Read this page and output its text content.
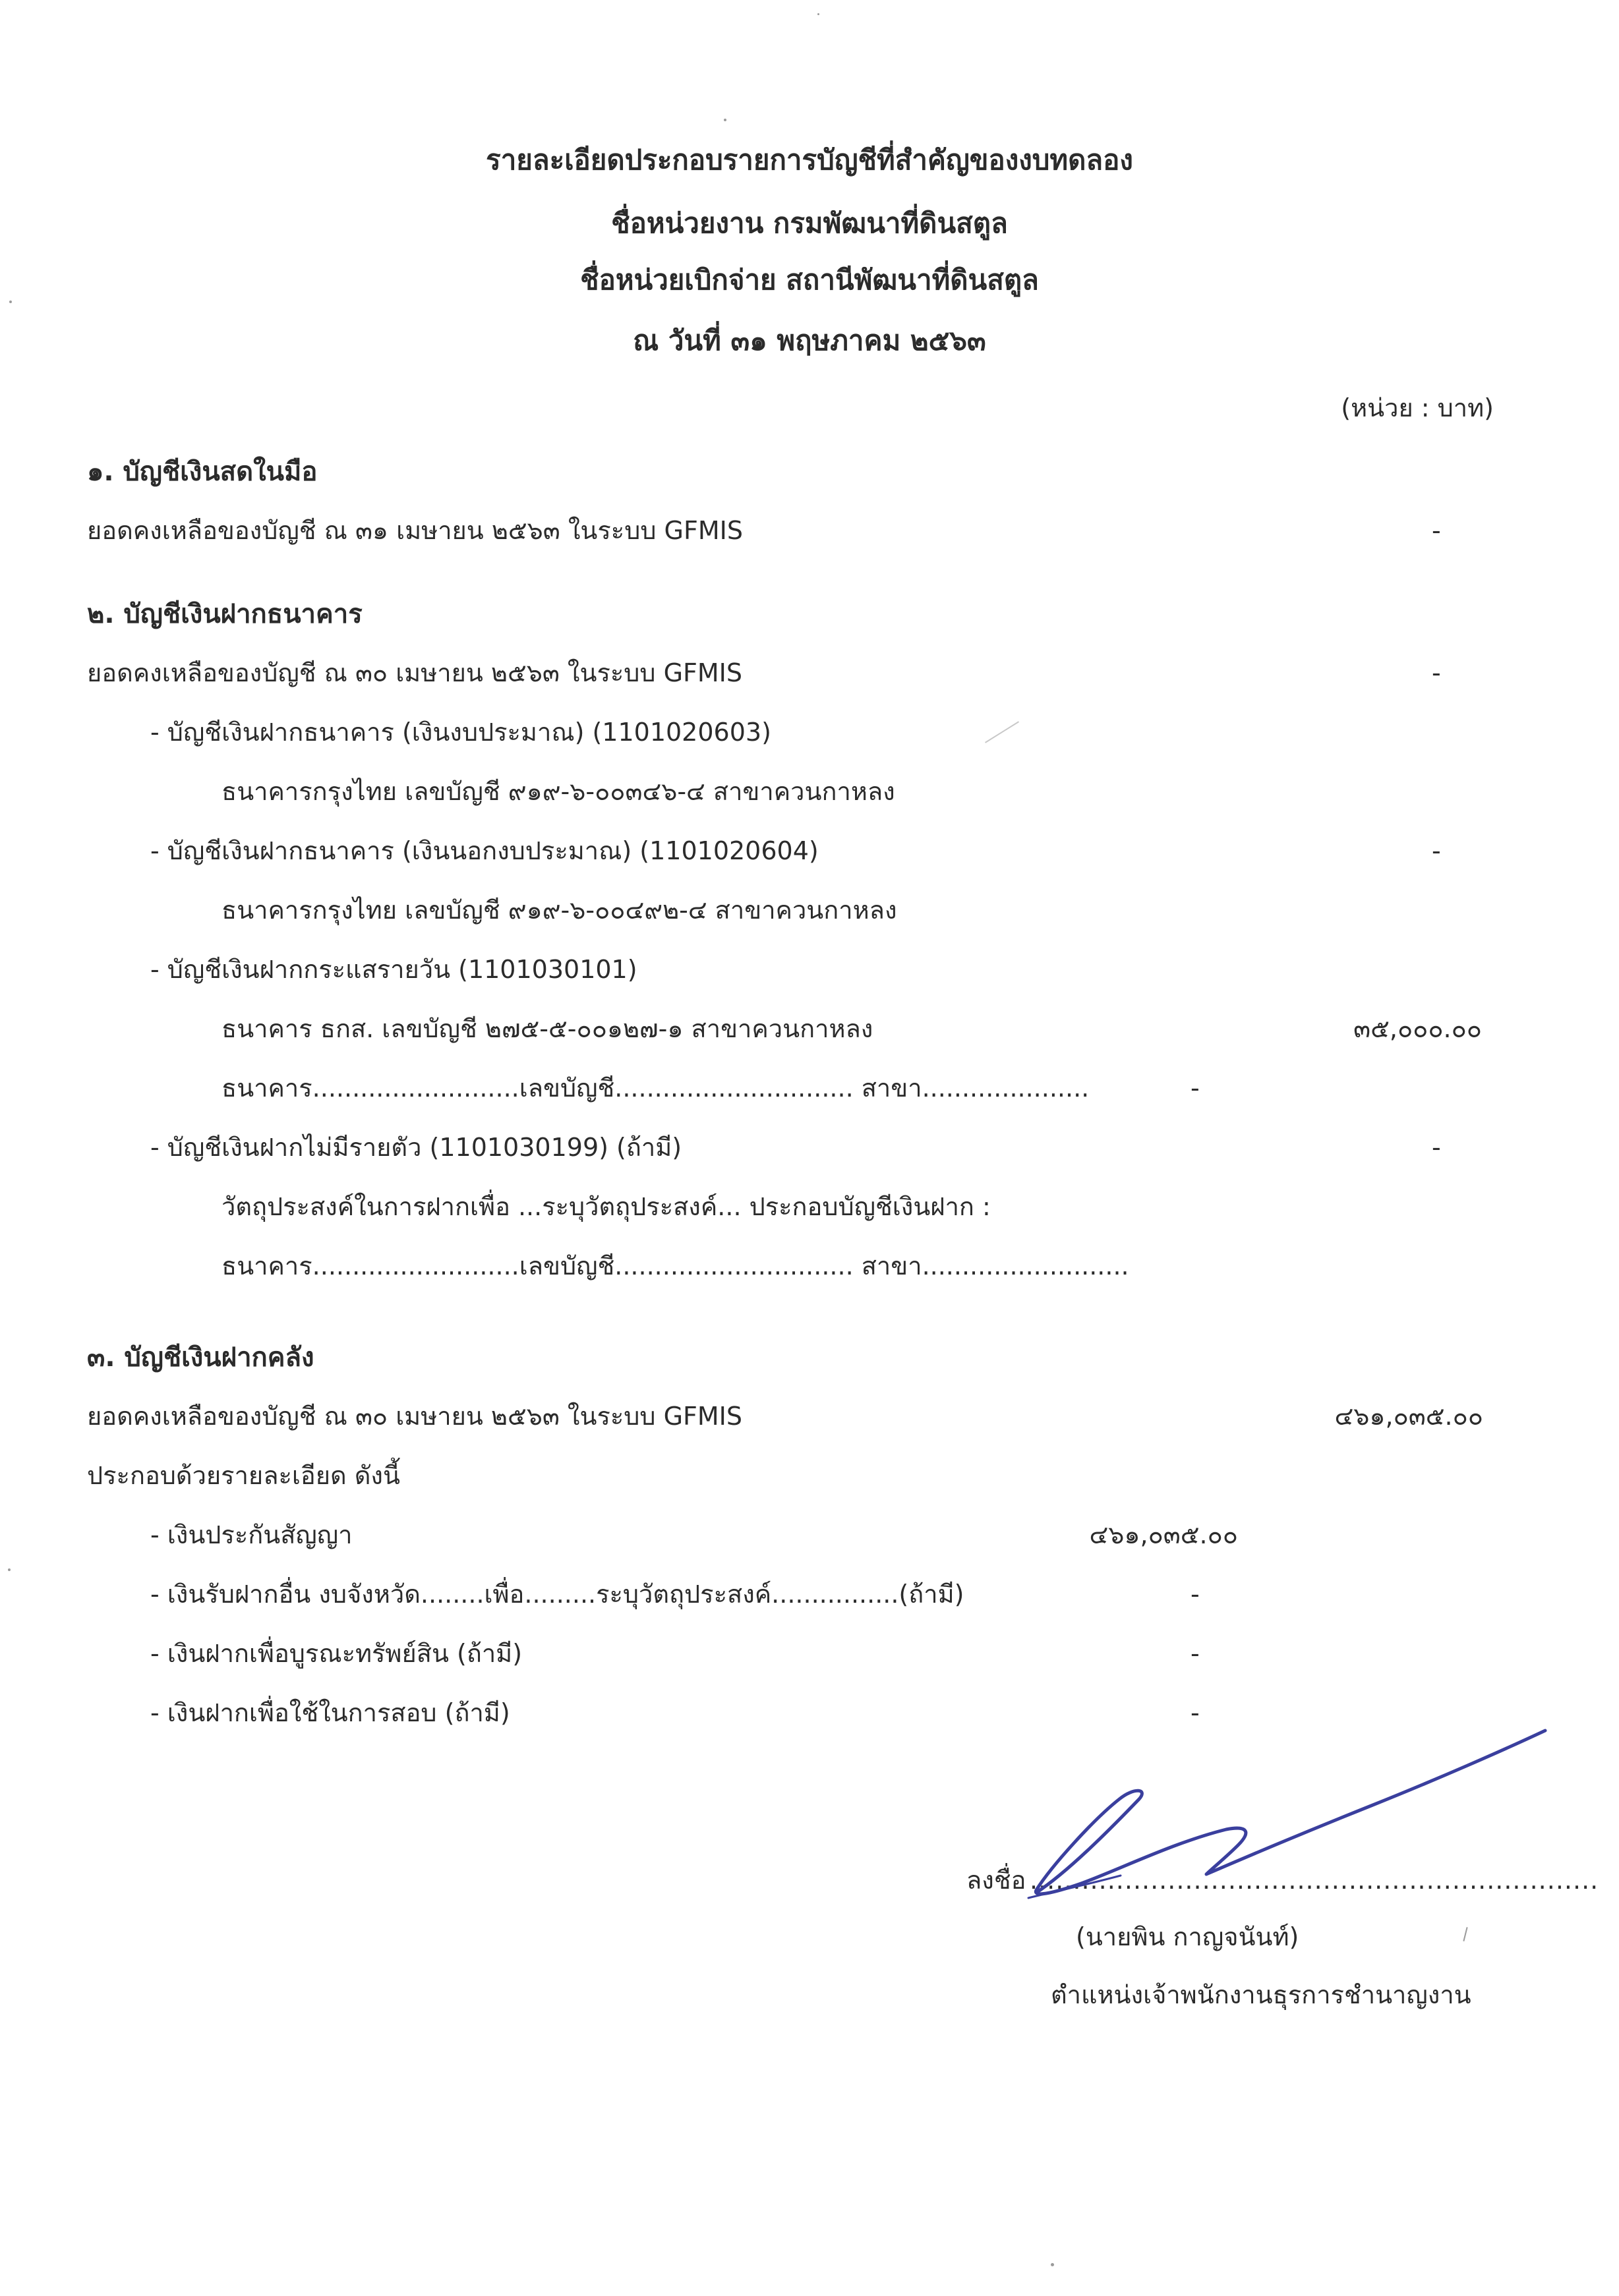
รายละเอียดประกอบรายการบัญชีที่สำคัญของงบทดลอง
ชื่อหน่วยงาน กรมพัฒนาที่ดินสตูล
ชื่อหน่วยเบิกจ่าย สถานีพัฒนาที่ดินสตูล
ณ วันที่ ๓๑ พฤษภาคม ๒๕๖๓
(หน่วย : บาท)
๑. บัญชีเงินสดในมือ
ยอดคงเหลือของบัญชี ณ ๓๑ เมษายน ๒๕๖๓ ในระบบ GFMIS	-
๒. บัญชีเงินฝากธนาคาร
ยอดคงเหลือของบัญชี ณ ๓๐ เมษายน ๒๕๖๓ ในระบบ GFMIS	-
- บัญชีเงินฝากธนาคาร (เงินงบประมาณ) (1101020603)
ธนาคารกรุงไทย เลขบัญชี ๙๑๙-๖-๐๐๓๔๖-๔ สาขาควนกาหลง
- บัญชีเงินฝากธนาคาร (เงินนอกงบประมาณ) (1101020604)	-
ธนาคารกรุงไทย เลขบัญชี ๙๑๙-๖-๐๐๔๙๒-๔ สาขาควนกาหลง
- บัญชีเงินฝากกระแสรายวัน (1101030101)
ธนาคาร ธกส. เลขบัญชี ๒๗๕-๕-๐๐๑๒๗-๑ สาขาควนกาหลง	๓๕,๐๐๐.๐๐
ธนาคาร..........................เลขบัญชี.............................. สาขา.....................	-
- บัญชีเงินฝากไม่มีรายตัว (1101030199) (ถ้ามี)	-
วัตถุประสงค์ในการฝากเพื่อ ...ระบุวัตถุประสงค์... ประกอบบัญชีเงินฝาก :
ธนาคาร..........................เลขบัญชี.............................. สาขา..........................
๓. บัญชีเงินฝากคลัง
ยอดคงเหลือของบัญชี ณ ๓๐ เมษายน ๒๕๖๓ ในระบบ GFMIS	๔๖๑,๐๓๕.๐๐
ประกอบด้วยรายละเอียด ดังนี้
- เงินประกันสัญญา	๔๖๑,๐๓๕.๐๐
- เงินรับฝากอื่น งบจังหวัด........เพื่อ.........ระบุวัตถุประสงค์................(ถ้ามี)	-
- เงินฝากเพื่อบูรณะทรัพย์สิน (ถ้ามี)	-
- เงินฝากเพื่อใช้ในการสอบ (ถ้ามี)	-
ลงชื่อ ..................................................................
(นายพิน กาญจนันท์)
ตำแหน่งเจ้าพนักงานธุรการชำนาญงาน
